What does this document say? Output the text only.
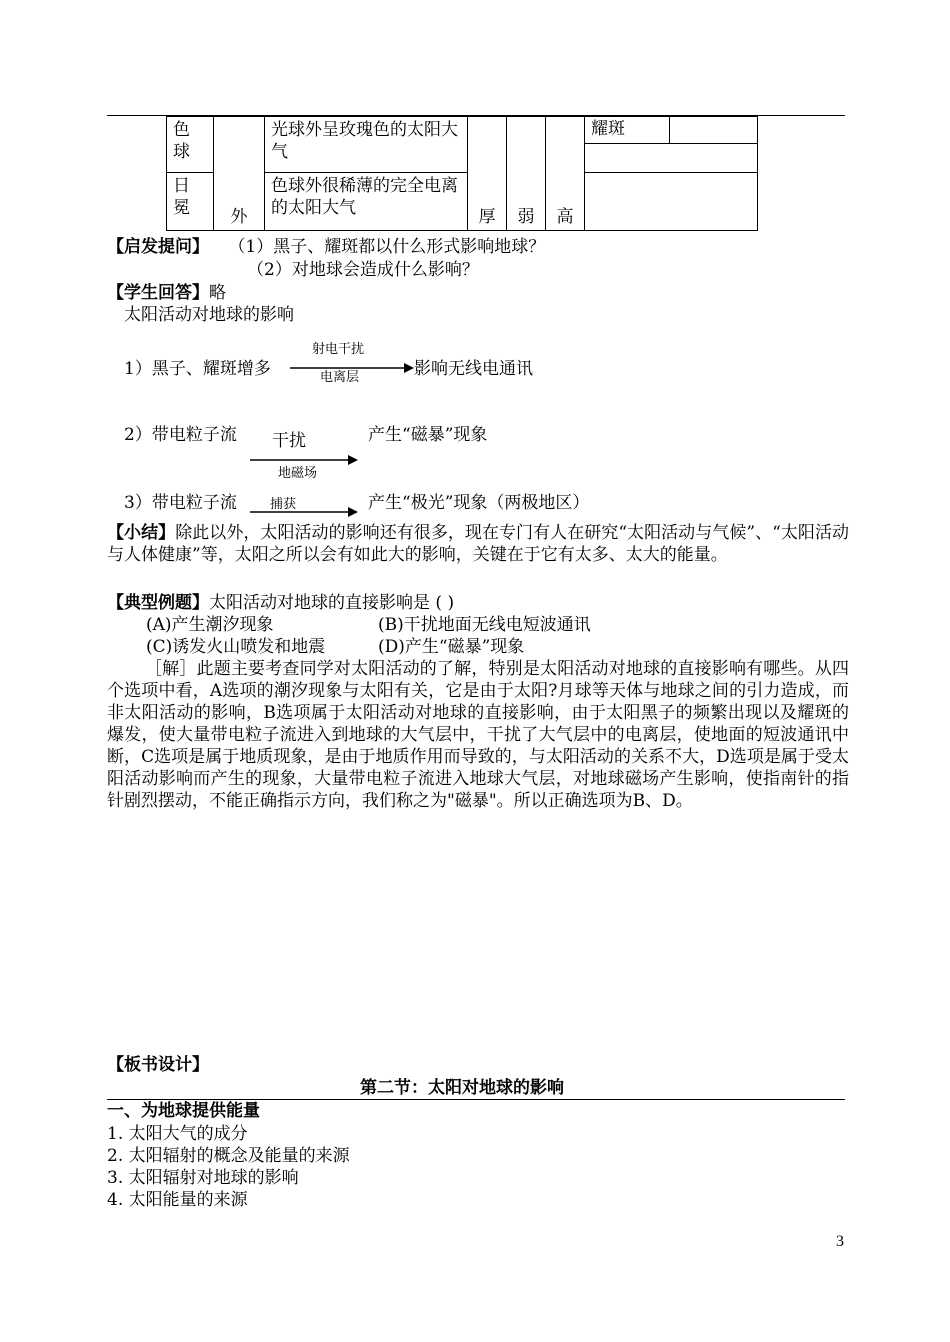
色
球	外	光球外呈玫瑰色的太阳大气	厚	弱	高	耀斑

日
冕		色球外很稀薄的完全电离的太阳大气				
【启发提问】 （1）黑子、耀斑都以什么形式影响地球？
（2）对地球会造成什么影响？
【学生回答】略
太阳活动对地球的影响
1）黑子、耀斑增多
射电干扰
电离层	影响无线电通讯
2）带电粒子流 干扰
地磁场
产生“磁暴”现象
3）带电粒子流	捕获	产生“极光”现象（两极地区）
【小结】除此以外，太阳活动的影响还有很多，现在专门有人在研究“太阳活动与气候”、“太阳活动与人体健康”等，太阳之所以会有如此大的影响，关键在于它有太多、太大的能量。
【典型例题】太阳活动对地球的直接影响是 ( )
(A)产生潮汐现象	(B)干扰地面无线电短波通讯
(C)诱发火山喷发和地震	(D)产生“磁暴”现象
［解］此题主要考查同学对太阳活动的了解，特别是太阳活动对地球的直接影响有哪些。从四个选项中看，A选项的潮汐现象与太阳有关，它是由于太阳?月球等天体与地球之间的引力造成，而非太阳活动的影响，B选项属于太阳活动对地球的直接影响，由于太阳黑子的频繁出现以及耀斑的爆发，使大量带电粒子流进入到地球的大气层中，干扰了大气层中的电离层，使地面的短波通讯中断，C选项是属于地质现象，是由于地质作用而导致的，与太阳活动的关系不大，D选项是属于受太阳活动影响而产生的现象，大量带电粒子流进入地球大气层，对地球磁场产生影响，使指南针的指针剧烈摆动，不能正确指示方向，我们称之为"磁暴"。所以正确选项为B、D。
【板书设计】
第二节：太阳对地球的影响
一、为地球提供能量
1. 太阳大气的成分
2. 太阳辐射的概念及能量的来源
3. 太阳辐射对地球的影响
4. 太阳能量的来源
3
